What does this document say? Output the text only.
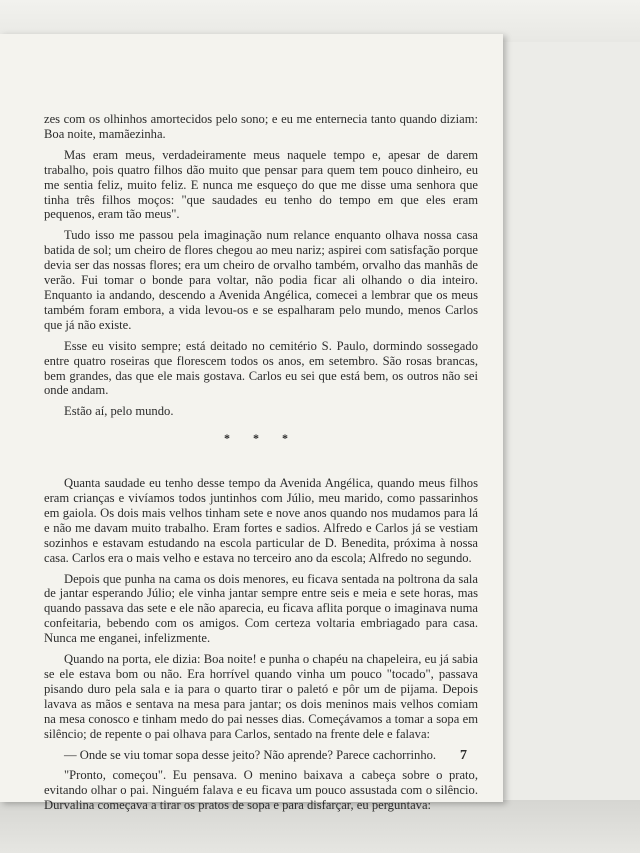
zes com os olhinhos amortecidos pelo sono; e eu me enternecia tanto quando diziam: Boa noite, mamãezinha.

Mas eram meus, verdadeiramente meus naquele tempo e, apesar de darem trabalho, pois quatro filhos dão muito que pensar para quem tem pouco dinheiro, eu me sentia feliz, muito feliz. E nunca me esqueço do que me disse uma senhora que tinha três filhos moços: "que saudades eu tenho do tempo em que eles eram pequenos, eram tão meus".

Tudo isso me passou pela imaginação num relance enquanto olhava nossa casa batida de sol; um cheiro de flores chegou ao meu nariz; aspirei com satisfação porque devia ser das nossas flores; era um cheiro de orvalho também, orvalho das manhãs de verão. Fui tomar o bonde para voltar, não podia ficar ali olhando o dia inteiro. Enquanto ia andando, descendo a Avenida Angélica, comecei a lembrar que os meus também foram embora, a vida levou-os e se espalharam pelo mundo, menos Carlos que já não existe.

Esse eu visito sempre; está deitado no cemitério S. Paulo, dormindo sossegado entre quatro roseiras que florescem todos os anos, em setembro. São rosas brancas, bem grandes, das que ele mais gostava. Carlos eu sei que está bem, os outros não sei onde andam.

Estão aí, pelo mundo.

* * *

Quanta saudade eu tenho desse tempo da Avenida Angélica, quando meus filhos eram crianças e vivíamos todos juntinhos com Júlio, meu marido, como passarinhos em gaiola. Os dois mais velhos tinham sete e nove anos quando nos mudamos para lá e não me davam muito trabalho. Eram fortes e sadios. Alfredo e Carlos já se vestiam sozinhos e estavam estudando na escola particular de D. Benedita, próxima à nossa casa. Carlos era o mais velho e estava no terceiro ano da escola; Alfredo no segundo.

Depois que punha na cama os dois menores, eu ficava sentada na poltrona da sala de jantar esperando Júlio; ele vinha jantar sempre entre seis e meia e sete horas, mas quando passava das sete e ele não aparecia, eu ficava aflita porque o imaginava numa confeitaria, bebendo com os amigos. Com certeza voltaria embriagado para casa. Nunca me enganei, infelizmente.

Quando na porta, ele dizia: Boa noite! e punha o chapéu na chapeleira, eu já sabia se ele estava bom ou não. Era horrível quando vinha um pouco "tocado", passava pisando duro pela sala e ia para o quarto tirar o paletó e pôr um de pijama. Depois lavava as mãos e sentava na mesa para jantar; os dois meninos mais velhos comiam na mesa conosco e tinham medo do pai nesses dias. Começávamos a tomar a sopa em silêncio; de repente o pai olhava para Carlos, sentado na frente dele e falava:

— Onde se viu tomar sopa desse jeito? Não aprende? Parece cachorrinho.

"Pronto, começou". Eu pensava. O menino baixava a cabeça sobre o prato, evitando olhar o pai. Ninguém falava e eu ficava um pouco assustada com o silêncio. Durvalina começava a tirar os pratos de sopa e para disfarçar, eu perguntava:

7
